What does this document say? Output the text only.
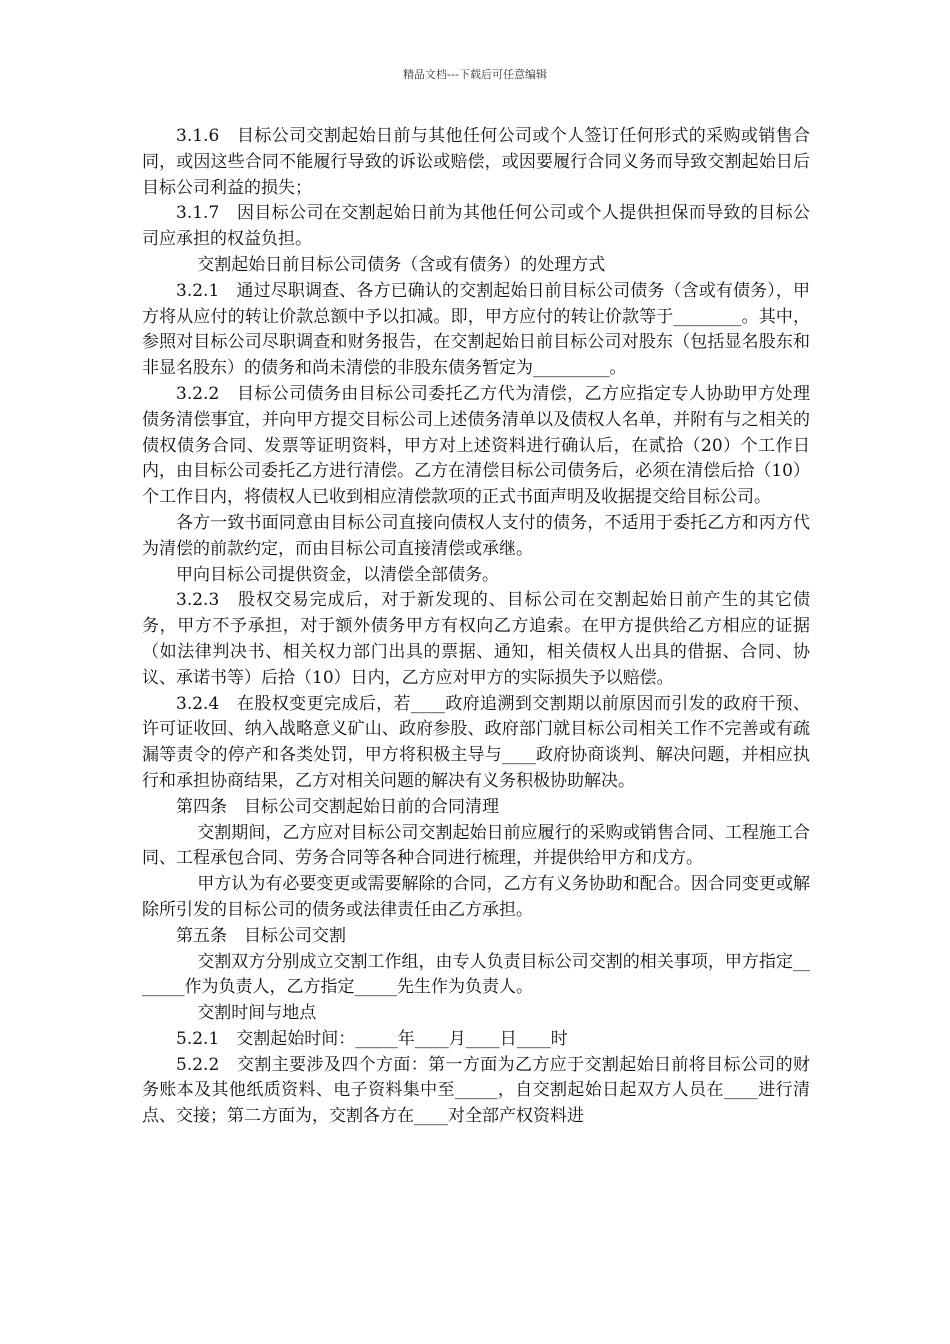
精品文档---下载后可任意编辑

3.1.6　目标公司交割起始日前与其他任何公司或个人签订任何形式的采购或销售合同，或因这些合同不能履行导致的诉讼或赔偿，或因要履行合同义务而导致交割起始日后目标公司利益的损失；

3.1.7　因目标公司在交割起始日前为其他任何公司或个人提供担保而导致的目标公司应承担的权益负担。

交割起始日前目标公司债务（含或有债务）的处理方式

3.2.1　通过尽职调查、各方已确认的交割起始日前目标公司债务（含或有债务），甲方将从应付的转让价款总额中予以扣减。即，甲方应付的转让价款等于________。其中，参照对目标公司尽职调查和财务报告，在交割起始日前目标公司对股东（包括显名股东和非显名股东）的债务和尚未清偿的非股东债务暂定为_________。

3.2.2　目标公司债务由目标公司委托乙方代为清偿，乙方应指定专人协助甲方处理债务清偿事宜，并向甲方提交目标公司上述债务清单以及债权人名单，并附有与之相关的债权债务合同、发票等证明资料，甲方对上述资料进行确认后，在贰拾（20）个工作日内，由目标公司委托乙方进行清偿。乙方在清偿目标公司债务后，必须在清偿后拾（10）个工作日内，将债权人已收到相应清偿款项的正式书面声明及收据提交给目标公司。

各方一致书面同意由目标公司直接向债权人支付的债务，不适用于委托乙方和丙方代为清偿的前款约定，而由目标公司直接清偿或承继。

甲向目标公司提供资金，以清偿全部债务。

3.2.3　股权交易完成后，对于新发现的、目标公司在交割起始日前产生的其它债务，甲方不予承担，对于额外债务甲方有权向乙方追索。在甲方提供给乙方相应的证据（如法律判决书、相关权力部门出具的票据、通知，相关债权人出具的借据、合同、协议、承诺书等）后拾（10）日内，乙方应对甲方的实际损失予以赔偿。

3.2.4　在股权变更完成后，若____政府追溯到交割期以前原因而引发的政府干预、许可证收回、纳入战略意义矿山、政府参股、政府部门就目标公司相关工作不完善或有疏漏等责令的停产和各类处罚，甲方将积极主导与____政府协商谈判、解决问题，并相应执行和承担协商结果，乙方对相关问题的解决有义务积极协助解决。

第四条　目标公司交割起始日前的合同清理

交割期间，乙方应对目标公司交割起始日前应履行的采购或销售合同、工程施工合同、工程承包合同、劳务合同等各种合同进行梳理，并提供给甲方和戊方。

甲方认为有必要变更或需要解除的合同，乙方有义务协助和配合。因合同变更或解除所引发的目标公司的债务或法律责任由乙方承担。

第五条　目标公司交割

交割双方分别成立交割工作组，由专人负责目标公司交割的相关事项，甲方指定_______作为负责人，乙方指定_____先生作为负责人。

交割时间与地点

5.2.1　交割起始时间：_____年____月____日____时

5.2.2　交割主要涉及四个方面：第一方面为乙方应于交割起始日前将目标公司的财务账本及其他纸质资料、电子资料集中至_____，自交割起始日起双方人员在____进行清点、交接；第二方面为，交割各方在____对全部产权资料进
